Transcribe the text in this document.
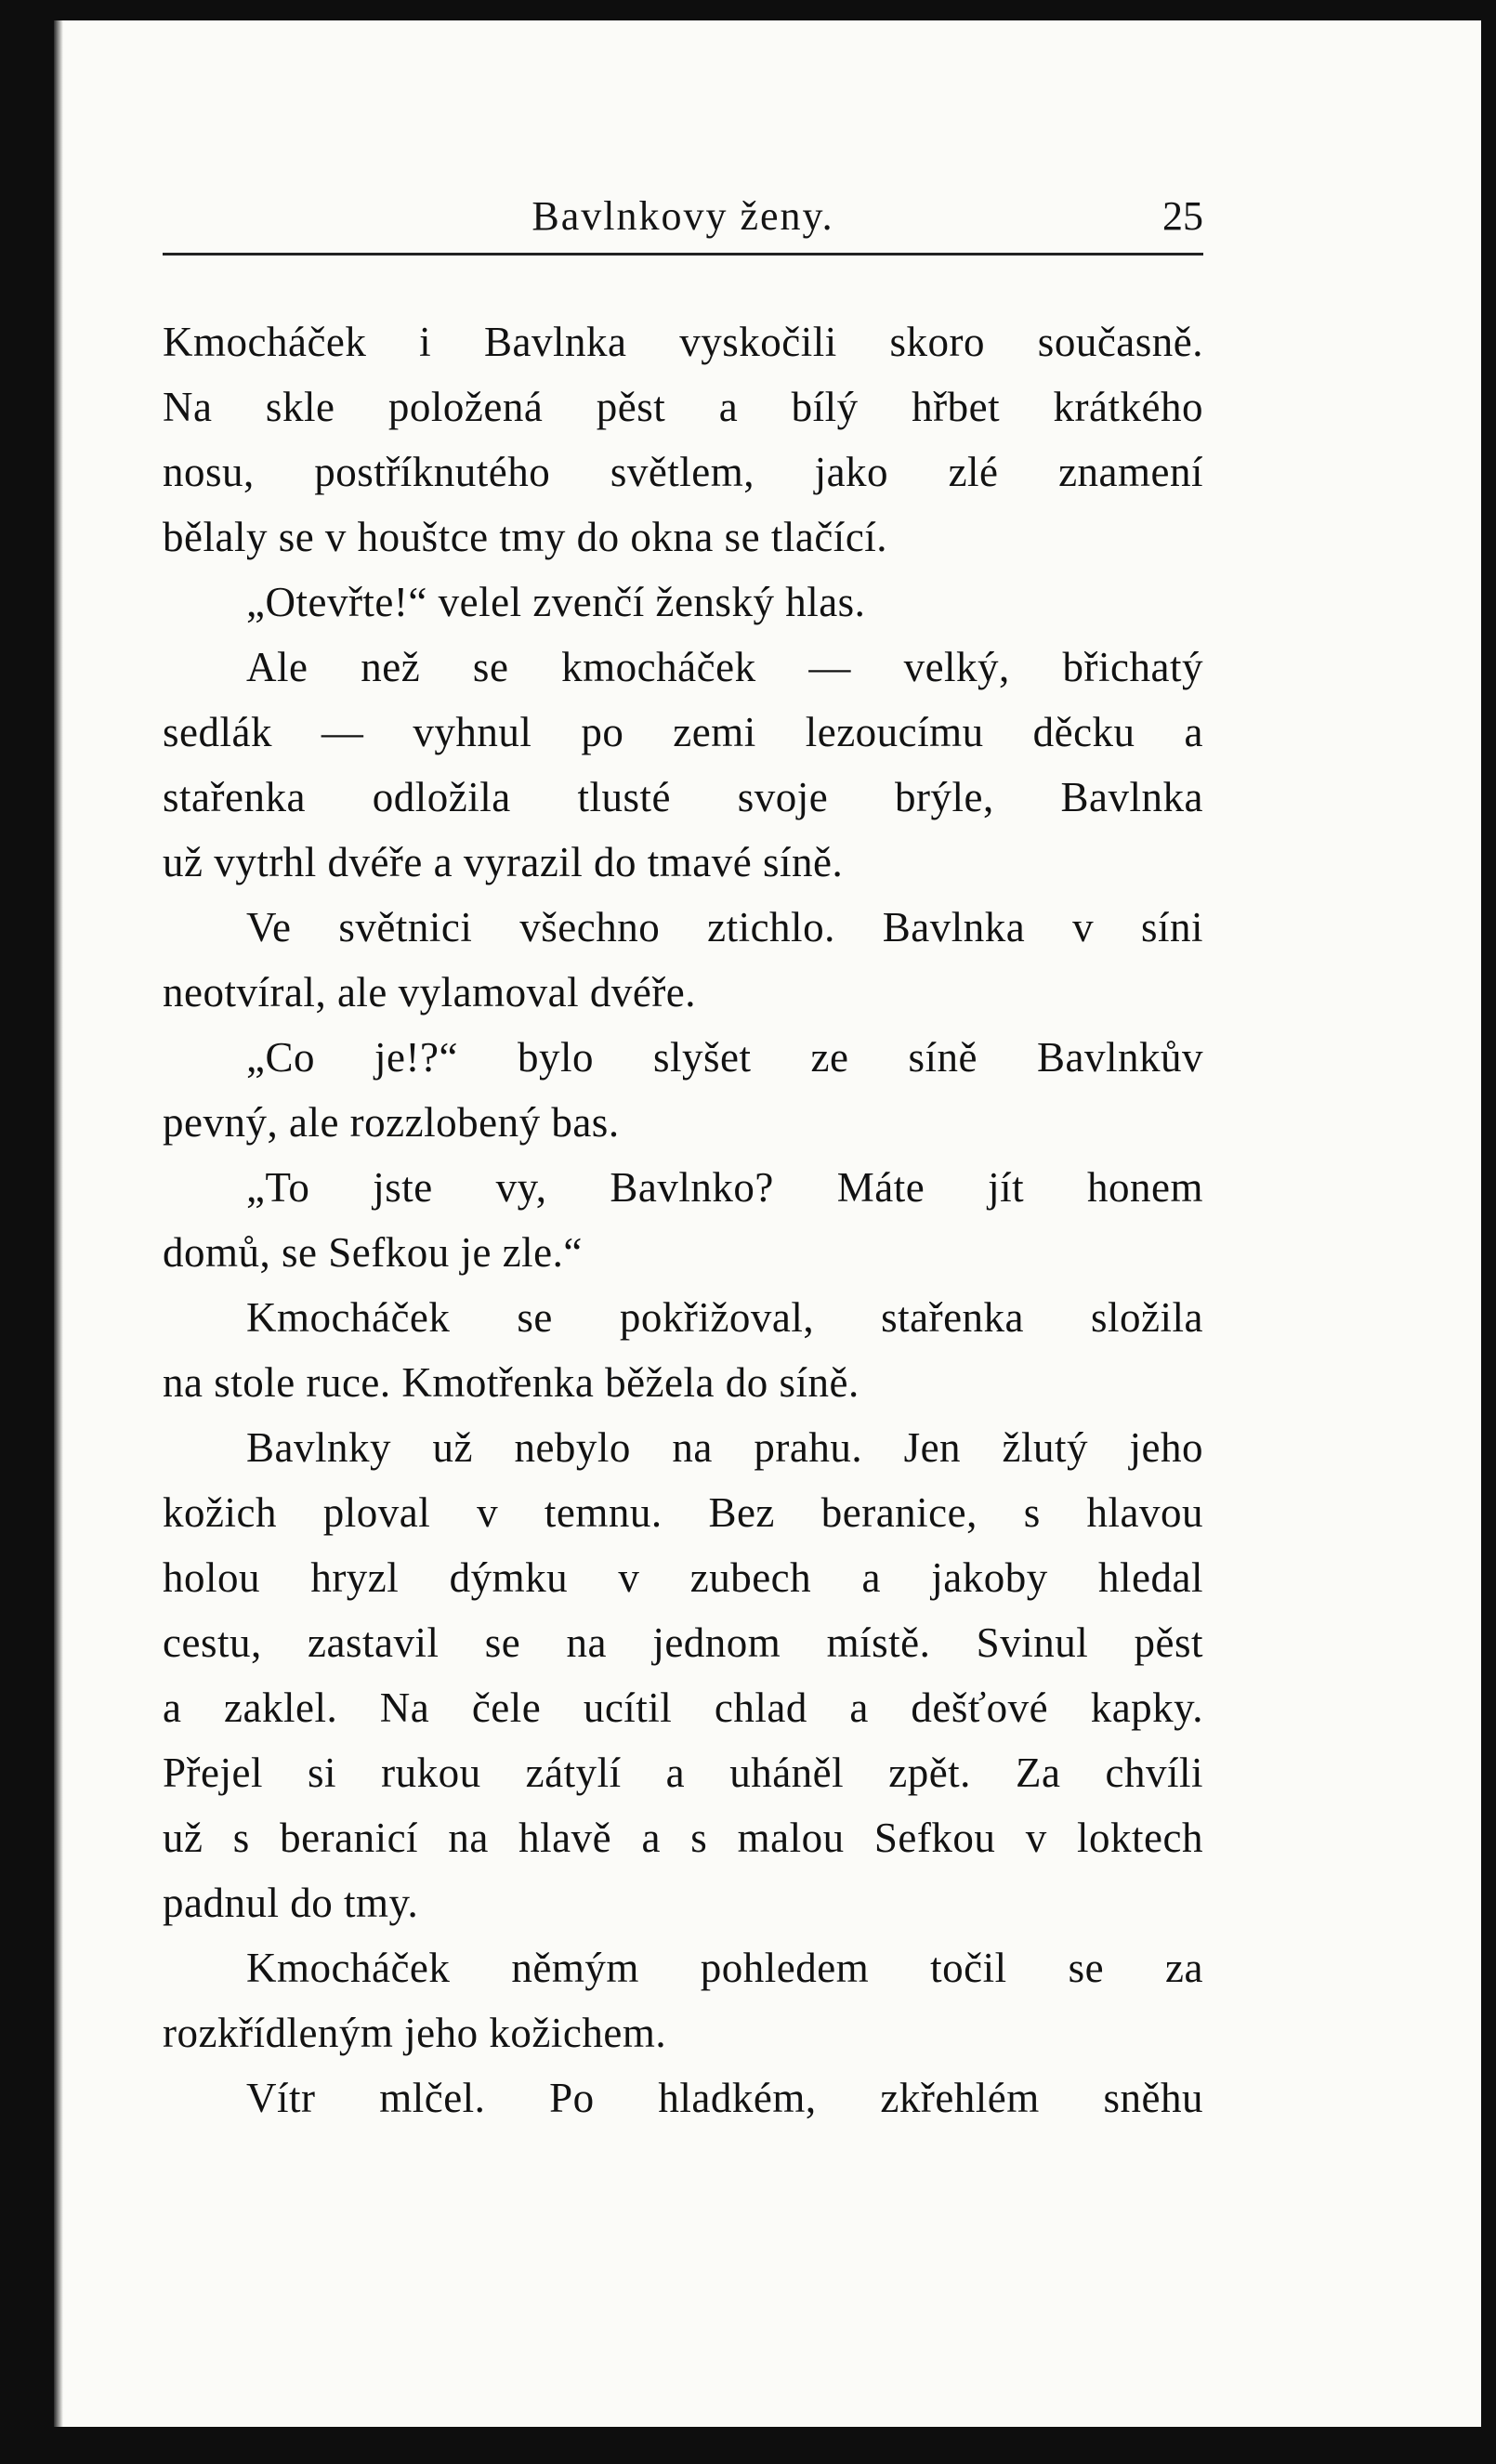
Bavlnkovy ženy.	25
Kmocháček i Bavlnka vyskočili skoro současně.
Na skle položená pěst a bílý hřbet krátkého
nosu, postříknutého světlem, jako zlé znamení
bělaly se v houštce tmy do okna se tlačící.
„Otevřte!“ velel zvenčí ženský hlas.
Ale než se kmocháček — velký, břichatý
sedlák — vyhnul po zemi lezoucímu děcku a
stařenka odložila tlusté svoje brýle, Bavlnka
už vytrhl dvéře a vyrazil do tmavé síně.
Ve světnici všechno ztichlo. Bavlnka v síni
neotvíral, ale vylamoval dvéře.
„Co je!?“ bylo slyšet ze síně Bavlnkův
pevný, ale rozzlobený bas.
„To jste vy, Bavlnko? Máte jít honem
domů, se Sefkou je zle.“
Kmocháček se pokřižoval, stařenka složila
na stole ruce. Kmotřenka běžela do síně.
Bavlnky už nebylo na prahu. Jen žlutý jeho
kožich ploval v temnu. Bez beranice, s hlavou
holou hryzl dýmku v zubech a jakoby hledal
cestu, zastavil se na jednom místě. Svinul pěst
a zaklel. Na čele ucítil chlad a dešťové kapky.
Přejel si rukou zátylí a uháněl zpět. Za chvíli
už s beranicí na hlavě a s malou Sefkou v loktech
padnul do tmy.
Kmocháček němým pohledem točil se za
rozkřídleným jeho kožichem.
Vítr mlčel. Po hladkém, zkřehlém sněhu
